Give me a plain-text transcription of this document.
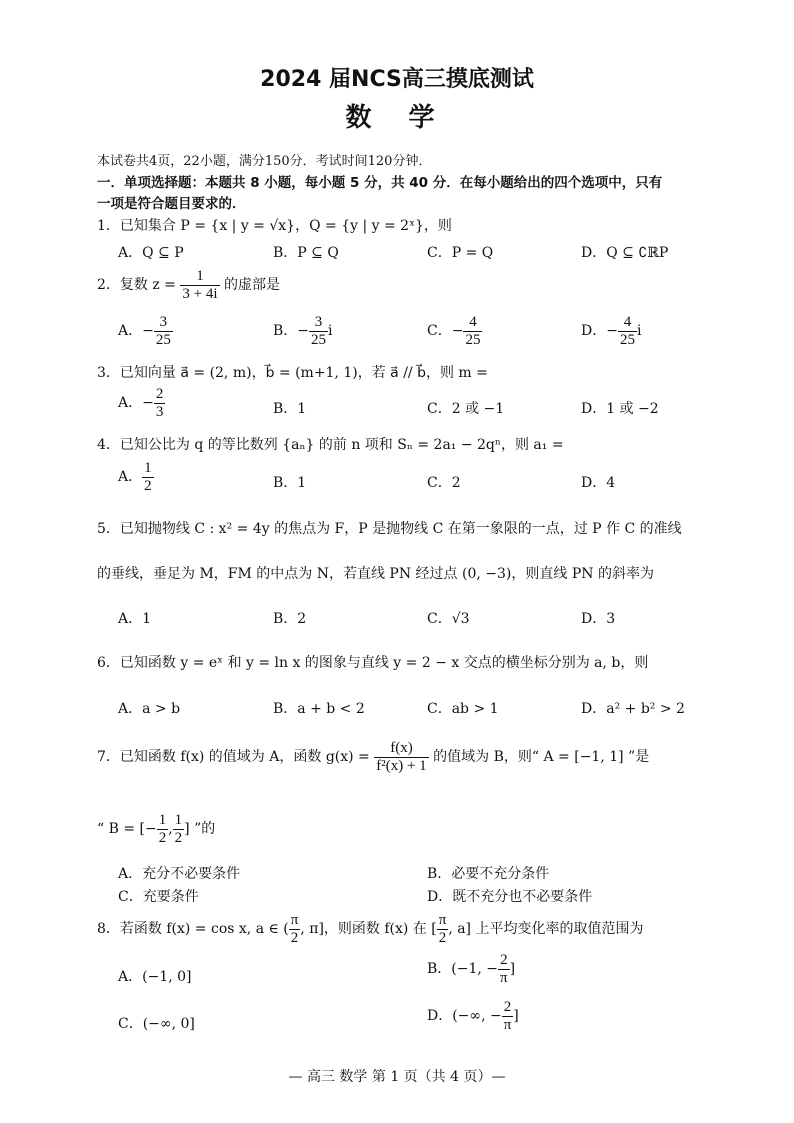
2024 届NCS高三摸底测试
数 学
本试卷共4页，22小题，满分150分．考试时间120分钟．
一．单项选择题：本题共 8 小题，每小题 5 分，共 40 分．在每小题给出的四个选项中，只有
一项是符合题目要求的．
1．已知集合 P = {x | y = √x}，Q = {y | y = 2ˣ}，则
A．Q ⊆ P	B．P ⊆ Q	C．P = Q	D．Q ⊆ ∁ℝP
2．复数 $z = \frac{1}{3 + 4i}$ 的虚部是
A．− $\frac{3}{25}$	B．− $\frac{3}{25}$ i	C．− $\frac{4}{25}$	D．− $\frac{4}{25}$ i
3．已知向量 a⃗ = (2, m)，b⃗ = (m+1, 1)，若 a⃗ // b⃗，则 m =
A．− $\frac{2}{3}$	B．1	C．2 或 −1	D．1 或 −2
4．已知公比为 q 的等比数列 {aₙ} 的前 n 项和 Sₙ = 2a₁ − 2qⁿ，则 a₁ =
A． $\frac{1}{2}$	B．1	C．2	D．4
5．已知抛物线 C : x² = 4y 的焦点为 F，P 是抛物线 C 在第一象限的一点，过 P 作 C 的准线
的垂线，垂足为 M，FM 的中点为 N，若直线 PN 经过点 (0, −3)，则直线 PN 的斜率为
A．1	B．2	C．√3	D．3
6．已知函数 y = eˣ 和 y = ln x 的图象与直线 y = 2 − x 交点的横坐标分别为 a, b，则
A．a > b	B．a + b < 2	C．ab > 1	D．a² + b² > 2
7．已知函数 f(x) 的值域为 A，函数 $g(x) = \frac{f(x)}{\text{f²(x) + 1}}$ 的值域为 B，则“ A = [−1, 1] ”是
“ B = [− $\frac{1}{2}$ , $\frac{1}{2}$ ] ”的
A．充分不必要条件	B．必要不充分条件
C．充要条件	D．既不充分也不必要条件
8．若函数 f(x) = cos x, a ∈ ( $\frac{\pi}{2}$ , π]，则函数 f(x) 在 [ $\frac{\pi}{2}$ , a] 上平均变化率的取值范围为
A．(−1, 0]	B．(−1, − $\frac{2}{\pi}$ ]
C．(−∞, 0]	D．(−∞, − $\frac{2}{\pi}$ ]
— 高三 数学 第 1 页（共 4 页）—
